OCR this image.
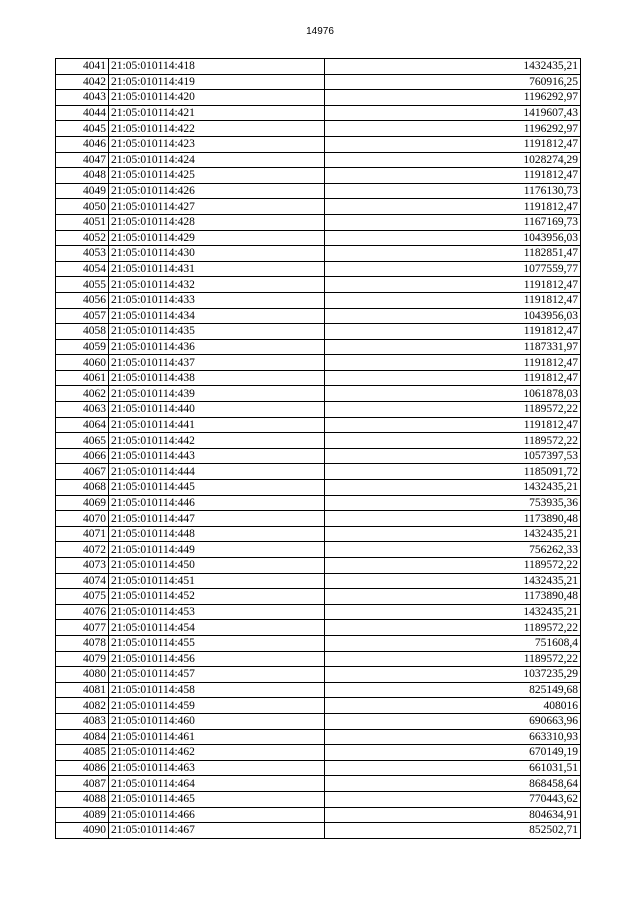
14976
4041	21:05:010114:418	1432435,21
4042	21:05:010114:419	760916,25
4043	21:05:010114:420	1196292,97
4044	21:05:010114:421	1419607,43
4045	21:05:010114:422	1196292,97
4046	21:05:010114:423	1191812,47
4047	21:05:010114:424	1028274,29
4048	21:05:010114:425	1191812,47
4049	21:05:010114:426	1176130,73
4050	21:05:010114:427	1191812,47
4051	21:05:010114:428	1167169,73
4052	21:05:010114:429	1043956,03
4053	21:05:010114:430	1182851,47
4054	21:05:010114:431	1077559,77
4055	21:05:010114:432	1191812,47
4056	21:05:010114:433	1191812,47
4057	21:05:010114:434	1043956,03
4058	21:05:010114:435	1191812,47
4059	21:05:010114:436	1187331,97
4060	21:05:010114:437	1191812,47
4061	21:05:010114:438	1191812,47
4062	21:05:010114:439	1061878,03
4063	21:05:010114:440	1189572,22
4064	21:05:010114:441	1191812,47
4065	21:05:010114:442	1189572,22
4066	21:05:010114:443	1057397,53
4067	21:05:010114:444	1185091,72
4068	21:05:010114:445	1432435,21
4069	21:05:010114:446	753935,36
4070	21:05:010114:447	1173890,48
4071	21:05:010114:448	1432435,21
4072	21:05:010114:449	756262,33
4073	21:05:010114:450	1189572,22
4074	21:05:010114:451	1432435,21
4075	21:05:010114:452	1173890,48
4076	21:05:010114:453	1432435,21
4077	21:05:010114:454	1189572,22
4078	21:05:010114:455	751608,4
4079	21:05:010114:456	1189572,22
4080	21:05:010114:457	1037235,29
4081	21:05:010114:458	825149,68
4082	21:05:010114:459	408016
4083	21:05:010114:460	690663,96
4084	21:05:010114:461	663310,93
4085	21:05:010114:462	670149,19
4086	21:05:010114:463	661031,51
4087	21:05:010114:464	868458,64
4088	21:05:010114:465	770443,62
4089	21:05:010114:466	804634,91
4090	21:05:010114:467	852502,71
